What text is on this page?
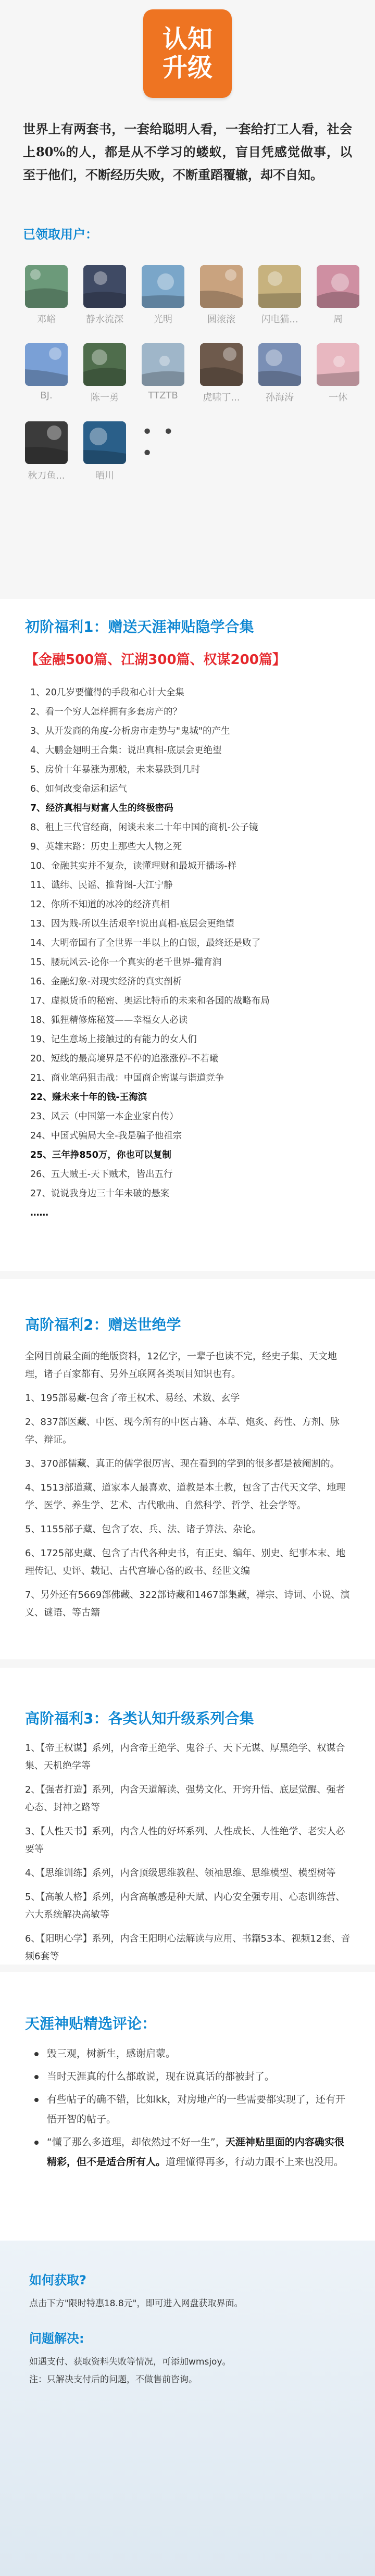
认知
升级

世界上有两套书，一套给聪明人看，一套给打工人看，社会上80%的人，都是从不学习的蝼蚁，盲目凭感觉做事，以至于他们，不断经历失败，不断重蹈覆辙，却不自知。

已领取用户：
邓峪	静水流深	光明	圆滚滚	闪电猫...	周
BJ.	陈一勇	TTZTB	虎啸丁...	孙海涛	一休
秋刀鱼...	晒川
• • •
初阶福利1：赠送天涯神贴隐学合集
【金融500篇、江湖300篇、权谋200篇】
1、20几岁要懂得的手段和心计大全集
2、看一个穷人怎样拥有多套房产的？
3、从开发商的角度-分析房市走势与"鬼城"的产生
4、大鹏金翅明王合集：说出真相-底层会更绝望
5、房价十年暴涨为那般，未来暴跌到几时
6、如何改变命运和运气
7、经济真相与财富人生的终极密码
8、租上三代官经商，闲谈未来二十年中国的商机-公子镜
9、英雄末路：历史上那些大人物之死
10、金融其实并不复杂，读懂理财和最城开播场-样
11、谶纬、民谣、推背图-大江宁静
12、你所不知道的冰冷的经济真相
13、因为贱-所以生活艰辛!说出真相-底层会更绝望
14、大明帝国有了全世界一半以上的白银，最终还是败了
15、腰玩风云-论你一个真实的老千世界-獾育润
16、金融幻象-对现实经济的真实剖析
17、虚拟货币的秘密、奥运比特币的未来和各国的战略布局
18、狐狸精修炼秘笈——幸福女人必读
19、记生意场上接触过的有能力的女人们
20、短线的最高境界是不停的追涨涨停-不若曦
21、商业笔码狙击战：中国商企密谋与谐道竞争
22、赚未来十年的钱-王海滨
23、风云（中国第一本企业家自传）
24、中国式骗局大全-我是骗子他祖宗
25、三年挣850万，你也可以复制
26、五大贼王-天下贼术，皆出五行
27、说说我身边三十年未破的悬案
……
高阶福利2：赠送世绝学

全网目前最全面的绝版资料，12亿字，一辈子也读不完，经史子集、天文地理，诸子百家都有、另外互联网各类项目知识也有。

1、195部易藏-包含了帝王权术、易经、术数、玄学

2、837部医藏、中医、现今所有的中医古籍、本草、炮炙、药性、方剂、脉学、辩证。

3、370部儒藏、真正的儒学很厉害、现在看到的学到的很多都是被阉割的。

4、1513部道藏、道家本人最喜欢、道教是本土教，包含了古代天文学、地理学、医学、养生学、艺术、古代歌曲、自然科学、哲学、社会学等。

5、1155部子藏、包含了农、兵、法、诸子算法、杂论。

6、1725部史藏、包含了古代各种史书，有正史、编年、别史、纪事本末、地理传记、史评、载记、古代宫墙心备的政书、经世文编

7、另外还有5669部佛藏、322部诗藏和1467部集藏，禅宗、诗词、小说、演义、谜语、等古籍

高阶福利3：各类认知升级系列合集

1、【帝王权谋】系列，内含帝王绝学、鬼谷子、天下无谋、厚黑绝学、权谋合集、天机绝学等

2、【强者打造】系列，内含天道解读、强势文化、开窍升悟、底层觉醒、强者心态、封神之路等

3、【人性天书】系列，内含人性的好坏系列、人性成长、人性绝学、老实人必要等

4、【思维训练】系列，内含顶级思维教程、领袖思维、思维模型、模型树等

5、【高敏人格】系列，内含高敏感是种天赋、内心安全强专用、心态训练营、六大系统解决高敏等

6、【阳明心学】系列，内含王阳明心法解读与应用、书籍53本、视频12套、音频6套等

天涯神贴精选评论：
毁三观，树新生，感谢启蒙。
当时天涯真的什么都敢说，现在说真话的都被封了。
有些帖子的确不错，比如kk，对房地产的一些需要都实现了，还有开悟开智的帖子。
“懂了那么多道理，却依然过不好一生”，天涯神贴里面的内容确实很精彩，但不是适合所有人。道理懂得再多，行动力跟不上来也没用。
如何获取?
点击下方"限时特惠18.8元"，即可进入网盘获取界面。
问题解决:
如遇支付、获取资料失败等情况，可添加wmsjoy。
注：只解决支付后的问题，不做售前咨询。
